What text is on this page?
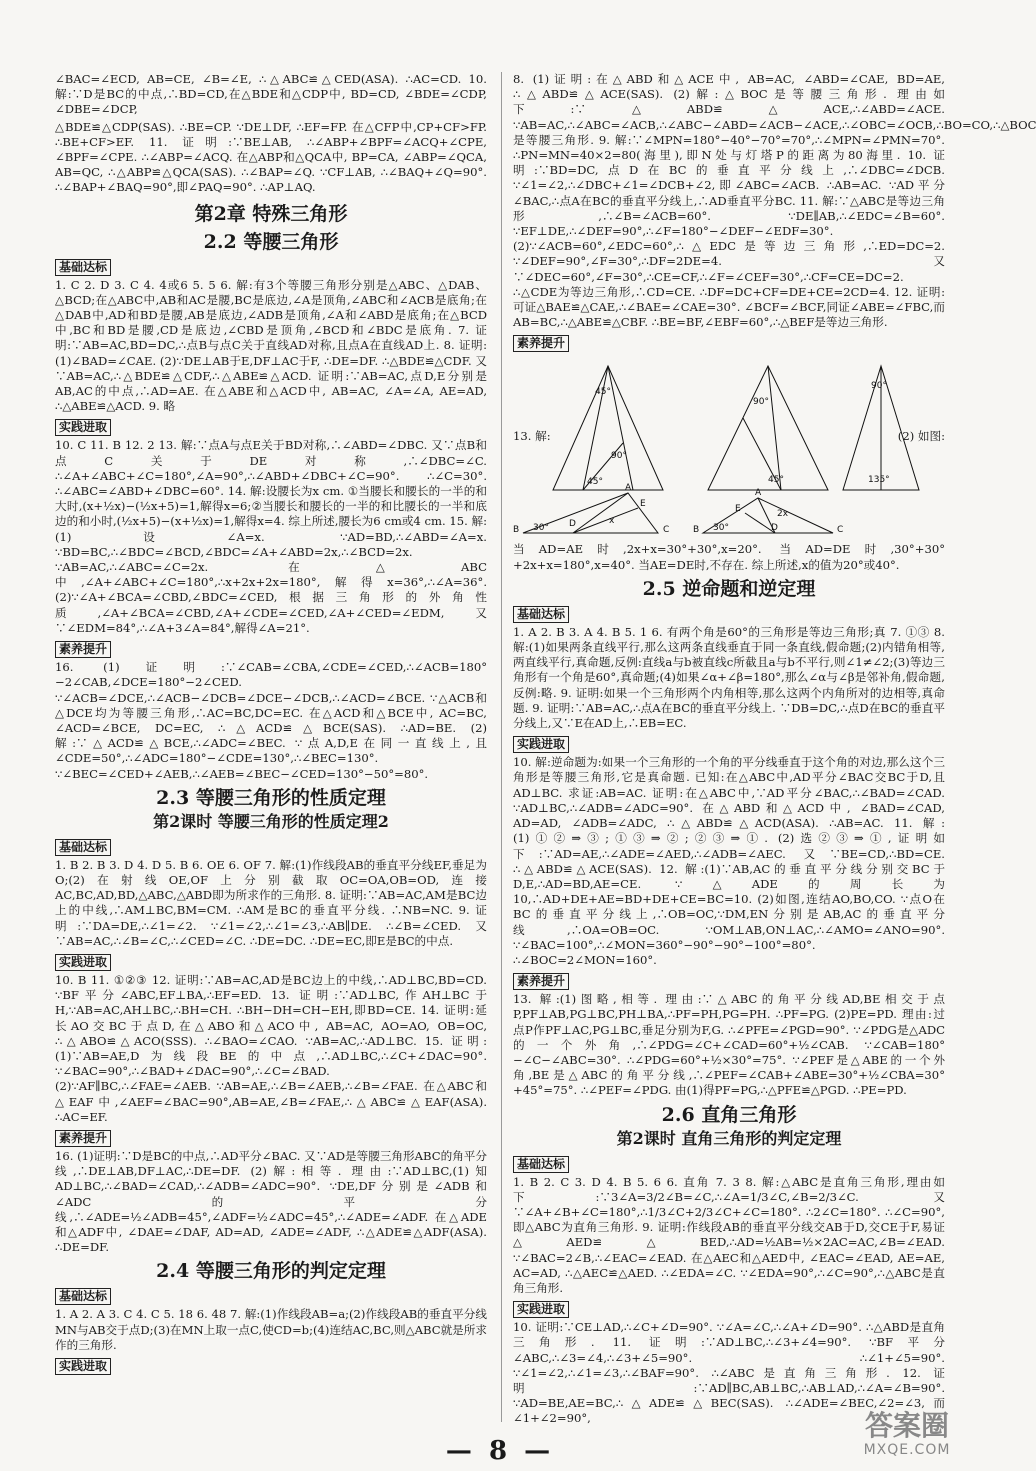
∠BAC=∠ECD, AB=CE, ∠B=∠E, ∴△ABC≌△CED(ASA). ∴AC=CD. 10. 解:∵D是BC的中点,∴BD=CD,在△BDE和△CDP中, BD=CD, ∠BDE=∠CDP, ∠DBE=∠DCP,

△BDE≌△CDP(SAS). ∴BE=CP. ∵DE⊥DF, ∴EF=FP. 在△CFP中,CP+CF>FP. ∴BE+CF>EF. 11. 证明:∵BE⊥AB, ∴∠ABP+∠BPF=∠ACQ+∠CPE, ∠BPF=∠CPE. ∴∠ABP=∠ACQ. 在△ABP和△QCA中, BP=CA, ∠ABP=∠QCA, AB=QC, ∴△ABP≌△QCA(SAS). ∴∠BAP=∠Q. ∵CF⊥AB, ∴∠BAQ+∠Q=90°. ∴∠BAP+∠BAQ=90°,即∠PAQ=90°. ∴AP⊥AQ.

第2章 特殊三角形
2.2 等腰三角形
基础达标

1. C 2. D 3. C 4. 4或6 5. 5 6. 解:有3个等腰三角形分别是△ABC、△DAB、△BCD;在△ABC中,AB和AC是腰,BC是底边,∠A是顶角,∠ABC和∠ACB是底角;在△DAB中,AD和BD是腰,AB是底边,∠ADB是顶角,∠A和∠ABD是底角;在△BCD中,BC和BD是腰,CD是底边,∠CBD是顶角,∠BCD和∠BDC是底角. 7. 证明:∵AB=AC,BD=DC,∴点B与点C关于直线AD对称,且点A在直线AD上. 8. 证明:(1)∠BAD=∠CAE. (2)∵DE⊥AB于E,DF⊥AC于F, ∴DE=DF. ∴△BDE≌△CDF. 又∵AB=AC,∴△BDE≌△CDF,∴△ABE≌△ACD. 证明:∵AB=AC,点D,E分别是AB,AC的中点,∴AD=AE. 在△ABE和△ACD中, AB=AC, ∠A=∠A, AE=AD, ∴△ABE≌△ACD. 9. 略

实践进取

10. C 11. B 12. 2 13. 解:∵点A与点E关于BD对称,∴∠ABD=∠DBC. 又∵点B和点C关于DE对称,∴∠DBC=∠C. ∴∠A+∠ABC+∠C=180°,∠A=90°,∴∠ABD+∠DBC+∠C=90°. ∴∠C=30°. ∴∠ABC=∠ABD+∠DBC=60°. 14. 解:设腰长为x cm. ①当腰长和腰长的一半的和大时,(x+½x)−(½x+5)=1,解得x=6;②当腰长和腰长的一半的和比腰长的一半和底边的和小时,(½x+5)−(x+½x)=1,解得x=4. 综上所述,腰长为6 cm或4 cm. 15. 解:(1)设∠A=x. ∵AD=BD,∴∠ABD=∠A=x. ∵BD=BC,∴∠BDC=∠BCD,∠BDC=∠A+∠ABD=2x,∴∠BCD=2x. ∵AB=AC,∴∠ABC=∠C=2x. 在△ABC中,∠A+∠ABC+∠C=180°,∴x+2x+2x=180°,解得x=36°,∴∠A=36°. (2)∵∠A+∠BCA=∠CBD,∠BDC=∠CED,根据三角形的外角性质,∠A+∠BCA=∠CBD,∠A+∠CDE=∠CED,∠A+∠CED=∠EDM,又∵∠EDM=84°,∴∠A+3∠A=84°,解得∠A=21°.

素养提升

16. (1)证明:∵∠CAB=∠CBA,∠CDE=∠CED,∴∠ACB=180°−2∠CAB,∠DCE=180°−2∠CED. ∵∠ACB=∠DCE,∴∠ACB−∠DCB=∠DCE−∠DCB,∴∠ACD=∠BCE. ∵△ACB和△DCE均为等腰三角形,∴AC=BC,DC=EC. 在△ACD和△BCE中, AC=BC, ∠ACD=∠BCE, DC=EC, ∴△ACD≌△BCE(SAS). ∴AD=BE. (2)解:∵△ACD≌△BCE,∴∠ADC=∠BEC. ∵点A,D,E在同一直线上,且∠CDE=50°,∴∠ADC=180°−∠CDE=130°,∴∠BEC=130°. ∵∠BEC=∠CED+∠AEB,∴∠AEB=∠BEC−∠CED=130°−50°=80°.

2.3 等腰三角形的性质定理
第2课时 等腰三角形的性质定理2
基础达标

1. B 2. B 3. D 4. D 5. B 6. OE 6. OF 7. 解:(1)作线段AB的垂直平分线EF,垂足为O;(2)在射线OE,OF上分别截取OC=OA,OB=OD,连接AC,BC,AD,BD,△ABC,△ABD即为所求作的三角形. 8. 证明:∵AB=AC,AM是BC边上的中线,∴AM⊥BC,BM=CM. ∴AM是BC的垂直平分线. ∴NB=NC. 9. 证明:∵DA=DE,∴∠1=∠2. ∵∠1=∠2,∴∠1=∠3,∴AB∥DE. ∴∠B=∠CED. 又∵AB=AC,∴∠B=∠C,∴∠CED=∠C. ∴DE=DC. ∴DE=EC,即E是BC的中点.

实践进取

10. B 11. ①②③ 12. 证明:∵AB=AC,AD是BC边上的中线,∴AD⊥BC,BD=CD. ∵BF平分∠ABC,EF⊥BA,∴EF=ED. 13. 证明:∵AD⊥BC,作AH⊥BC于H,∵AB=AC,AH⊥BC,∴BH=CH. ∴BH−DH=CH−EH,即BD=CE. 14. 证明:延长AO交BC于点D,在△ABO和△ACO中, AB=AC, AO=AO, OB=OC, ∴△ABO≌△ACO(SSS). ∴∠BAO=∠CAO. ∵AB=AC,∴AD⊥BC. 15. 证明:(1)∵AB=AE,D为线段BE的中点,∴AD⊥BC,∴∠C+∠DAC=90°. ∵∠BAC=90°,∴∠BAD+∠DAC=90°,∴∠C=∠BAD. (2)∵AF∥BC,∴∠FAE=∠AEB. ∵AB=AE,∴∠B=∠AEB,∴∠B=∠FAE. 在△ABC和△EAF中,∠AEF=∠BAC=90°,AB=AE,∠B=∠FAE,∴△ABC≌△EAF(ASA). ∴AC=EF.

素养提升

16. (1)证明:∵D是BC的中点,∴AD平分∠BAC. 又∵AD是等腰三角形ABC的角平分线,∴DE⊥AB,DF⊥AC,∴DE=DF. (2)解:相等. 理由:∵AD⊥BC,(1)知AD⊥BC,∴∠BAD=∠CAD,∴∠ADB=∠ADC=90°. ∵DE,DF分别是∠ADB和∠ADC的平分线,∴∠ADE=½∠ADB=45°,∠ADF=½∠ADC=45°,∴∠ADE=∠ADF. 在△ADE和△ADF中, ∠DAE=∠DAF, AD=AD, ∠ADE=∠ADF, ∴△ADE≌△ADF(ASA). ∴DE=DF.

2.4 等腰三角形的判定定理
基础达标

1. A 2. A 3. C 4. C 5. 18 6. 48 7. 解:(1)作线段AB=a;(2)作线段AB的垂直平分线MN与AB交于点D;(3)在MN上取一点C,使CD=b;(4)连结AC,BC,则△ABC就是所求作的三角形.

实践进取

8. (1)证明:在△ABD和△ACE中, AB=AC, ∠ABD=∠CAE, BD=AE, ∴△ABD≌△ACE(SAS). (2)解:△BOC是等腰三角形. 理由如下:∵△ABD≌△ACE,∴∠ABD=∠ACE. ∵AB=AC,∴∠ABC=∠ACB,∴∠ABC−∠ABD=∠ACB−∠ACE,∴∠OBC=∠OCB,∴BO=CO,∴△BOC是等腰三角形. 9. 解:∵∠MPN=180°−40°−70°=70°,∴∠MPN=∠PMN=70°. ∴PN=MN=40×2=80(海里),即N处与灯塔P的距离为80海里. 10. 证明:∵BD=DC,点D在BC的垂直平分线上,∴∠DBC=∠DCB. ∵∠1=∠2,∴∠DBC+∠1=∠DCB+∠2,即∠ABC=∠ACB. ∴AB=AC. ∵AD平分∠BAC,∴点A在BC的垂直平分线上,∴AD垂直平分BC. 11. 解:∵△ABC是等边三角形,∴∠B=∠ACB=60°. ∵DE∥AB,∴∠EDC=∠B=60°. ∵EF⊥DE,∴∠DEF=90°,∴∠F=180°−∠DEF−∠EDF=30°. (2)∵∠ACB=60°,∠EDC=60°,∴△EDC是等边三角形,∴ED=DC=2. ∵∠DEF=90°,∠F=30°,∴DF=2DE=4. 又∵∠DEC=60°,∠F=30°,∴CE=CF,∴∠F=∠CEF=30°,∴CF=CE=DC=2. ∴△CDE为等边三角形,∴CD=CE. ∴DF=DC+CF=DE+CE=2CD=4. 12. 证明:可证△BAE≌△CAE,∴∠BAE=∠CAE=30°. ∠BCF=∠BCF,同证∠ABE=∠FBC,而AB=BC,∴△ABE≌△CBF. ∴BE=BF,∠EBF=60°,∴△BEF是等边三角形.

素养提升
45°
90°
45°
90°
45°
90°
135°
30°
B	C
A
D
E
x
B	C
A
D
E
30°
2x
13. 解:	(2) 如图:

当AD=AE时,2x+x=30°+30°,x=20°. 当AD=DE时,30°+30°+2x+x=180°,x=40°. 当AE=DE时,不存在. 综上所述,x的值为20°或40°.

2.5 逆命题和逆定理
基础达标

1. A 2. B 3. A 4. B 5. 1 6. 有两个角是60°的三角形是等边三角形;真 7. ①③ 8. 解:(1)如果两条直线平行,那么这两条直线垂直于同一条直线,假命题;(2)内错角相等,两直线平行,真命题,反例:直线a与b被直线c所截且a与b不平行,则∠1≠∠2;(3)等边三角形有一个角是60°,真命题;(4)如果∠α+∠β=180°,那么∠α与∠β是邻补角,假命题,反例:略. 9. 证明:如果一个三角形两个内角相等,那么这两个内角所对的边相等,真命题. 9. 证明:∵AB=AC,∴点A在BC的垂直平分线上. ∵DB=DC,∴点D在BC的垂直平分线上,又∵E在AD上,∴EB=EC.

实践进取

10. 解:逆命题为:如果一个三角形的一个角的平分线垂直于这个角的对边,那么这个三角形是等腰三角形,它是真命题. 已知:在△ABC中,AD平分∠BAC交BC于D,且AD⊥BC. 求证:AB=AC. 证明:在△ABC中,∵AD平分∠BAC,∴∠BAD=∠CAD. ∵AD⊥BC,∴∠ADB=∠ADC=90°. 在△ABD和△ACD中, ∠BAD=∠CAD, AD=AD, ∠ADB=∠ADC, ∴△ABD≌△ACD(ASA). ∴AB=AC. 11. 解:(1)①②⇒③;①③⇒②;②③⇒①. (2)选②③⇒①,证明如下:∵AD=AE,∴∠ADE=∠AED,∴∠ADB=∠AEC. 又∵BE=CD,∴BD=CE. ∴△ABD≌△ACE(SAS). 12. 解:(1)∵AB,AC的垂直平分线分别交BC于D,E,∴AD=BD,AE=CE. ∵△ADE的周长为10,∴AD+DE+AE=BD+DE+CE=BC=10. (2)如图,连结AO,BO,CO. ∵点O在BC的垂直平分线上,∴OB=OC,∵DM,EN分别是AB,AC的垂直平分线,∴OA=OB=OC. ∵OM⊥AB,ON⊥AC,∴∠AMO=∠ANO=90°. ∵∠BAC=100°,∴∠MON=360°−90°−90°−100°=80°. ∴∠BOC=2∠MON=160°.

素养提升

13. 解:(1)图略,相等. 理由:∵△ABC的角平分线AD,BE相交于点P,PF⊥AB,PG⊥BC,PH⊥BA,∴PF=PH,PG=PH. ∴PF=PG. (2)PE=PD. 理由:过点P作PF⊥AC,PG⊥BC,垂足分别为F,G. ∴∠PFE=∠PGD=90°. ∵∠PDG是△ADC的一个外角,∴∠PDG=∠C+∠CAD=60°+½∠CAB. ∵∠CAB=180°−∠C−∠ABC=30°. ∴∠PDG=60°+½×30°=75°. ∵∠PEF是△ABE的一个外角,BE是△ABC的角平分线,∴∠PEF=∠CAB+∠ABE=30°+½∠CBA=30°+45°=75°. ∴∠PEF=∠PDG. 由(1)得PF=PG,∴△PFE≌△PGD. ∴PE=PD.

2.6 直角三角形
第2课时 直角三角形的判定定理
基础达标

1. B 2. C 3. D 4. B 5. 6 6. 直角 7. 3 8. 解:△ABC是直角三角形,理由如下:∵3∠A=3/2∠B=∠C,∴∠A=1/3∠C,∠B=2/3∠C. 又∵∠A+∠B+∠C=180°,∴1/3∠C+2/3∠C+∠C=180°. ∴2∠C=180°. ∴∠C=90°,即△ABC为直角三角形. 9. 证明:作线段AB的垂直平分线交AB于D,交CE于F,易证△AED≌△BED,∴AD=½AB=½×2AC=AC,∠B=∠EAD. ∵∠BAC=2∠B,∴∠EAC=∠EAD. 在△AEC和△AED中, ∠EAC=∠EAD, AE=AE, AC=AD, ∴△AEC≌△AED. ∴∠EDA=∠C. ∵∠EDA=90°,∴∠C=90°,∴△ABC是直角三角形.

实践进取

10. 证明:∵CE⊥AD,∴∠C+∠D=90°. ∵∠A=∠C,∴∠A+∠D=90°. ∴△ABD是直角三角形. 11. 证明:∵AD⊥BC,∴∠3+∠4=90°. ∵BF平分∠ABC,∴∠3=∠4,∴∠3+∠5=90°. ∴∠1+∠5=90°. ∵∠1=∠2,∴∠1=∠3,∴∠BAF=90°. ∴∠ABC是直角三角形. 12. 证明:∵AD∥BC,AB⊥BC,∴AB⊥AD,∴∠A=∠B=90°. ∵AD=BE,AE=BC,∴△ADE≌△BEC(SAS). ∴∠ADE=∠BEC,∠2=∠3,而∠1+∠2=90°,

— 8 —
答案圈
MXQE.COM
